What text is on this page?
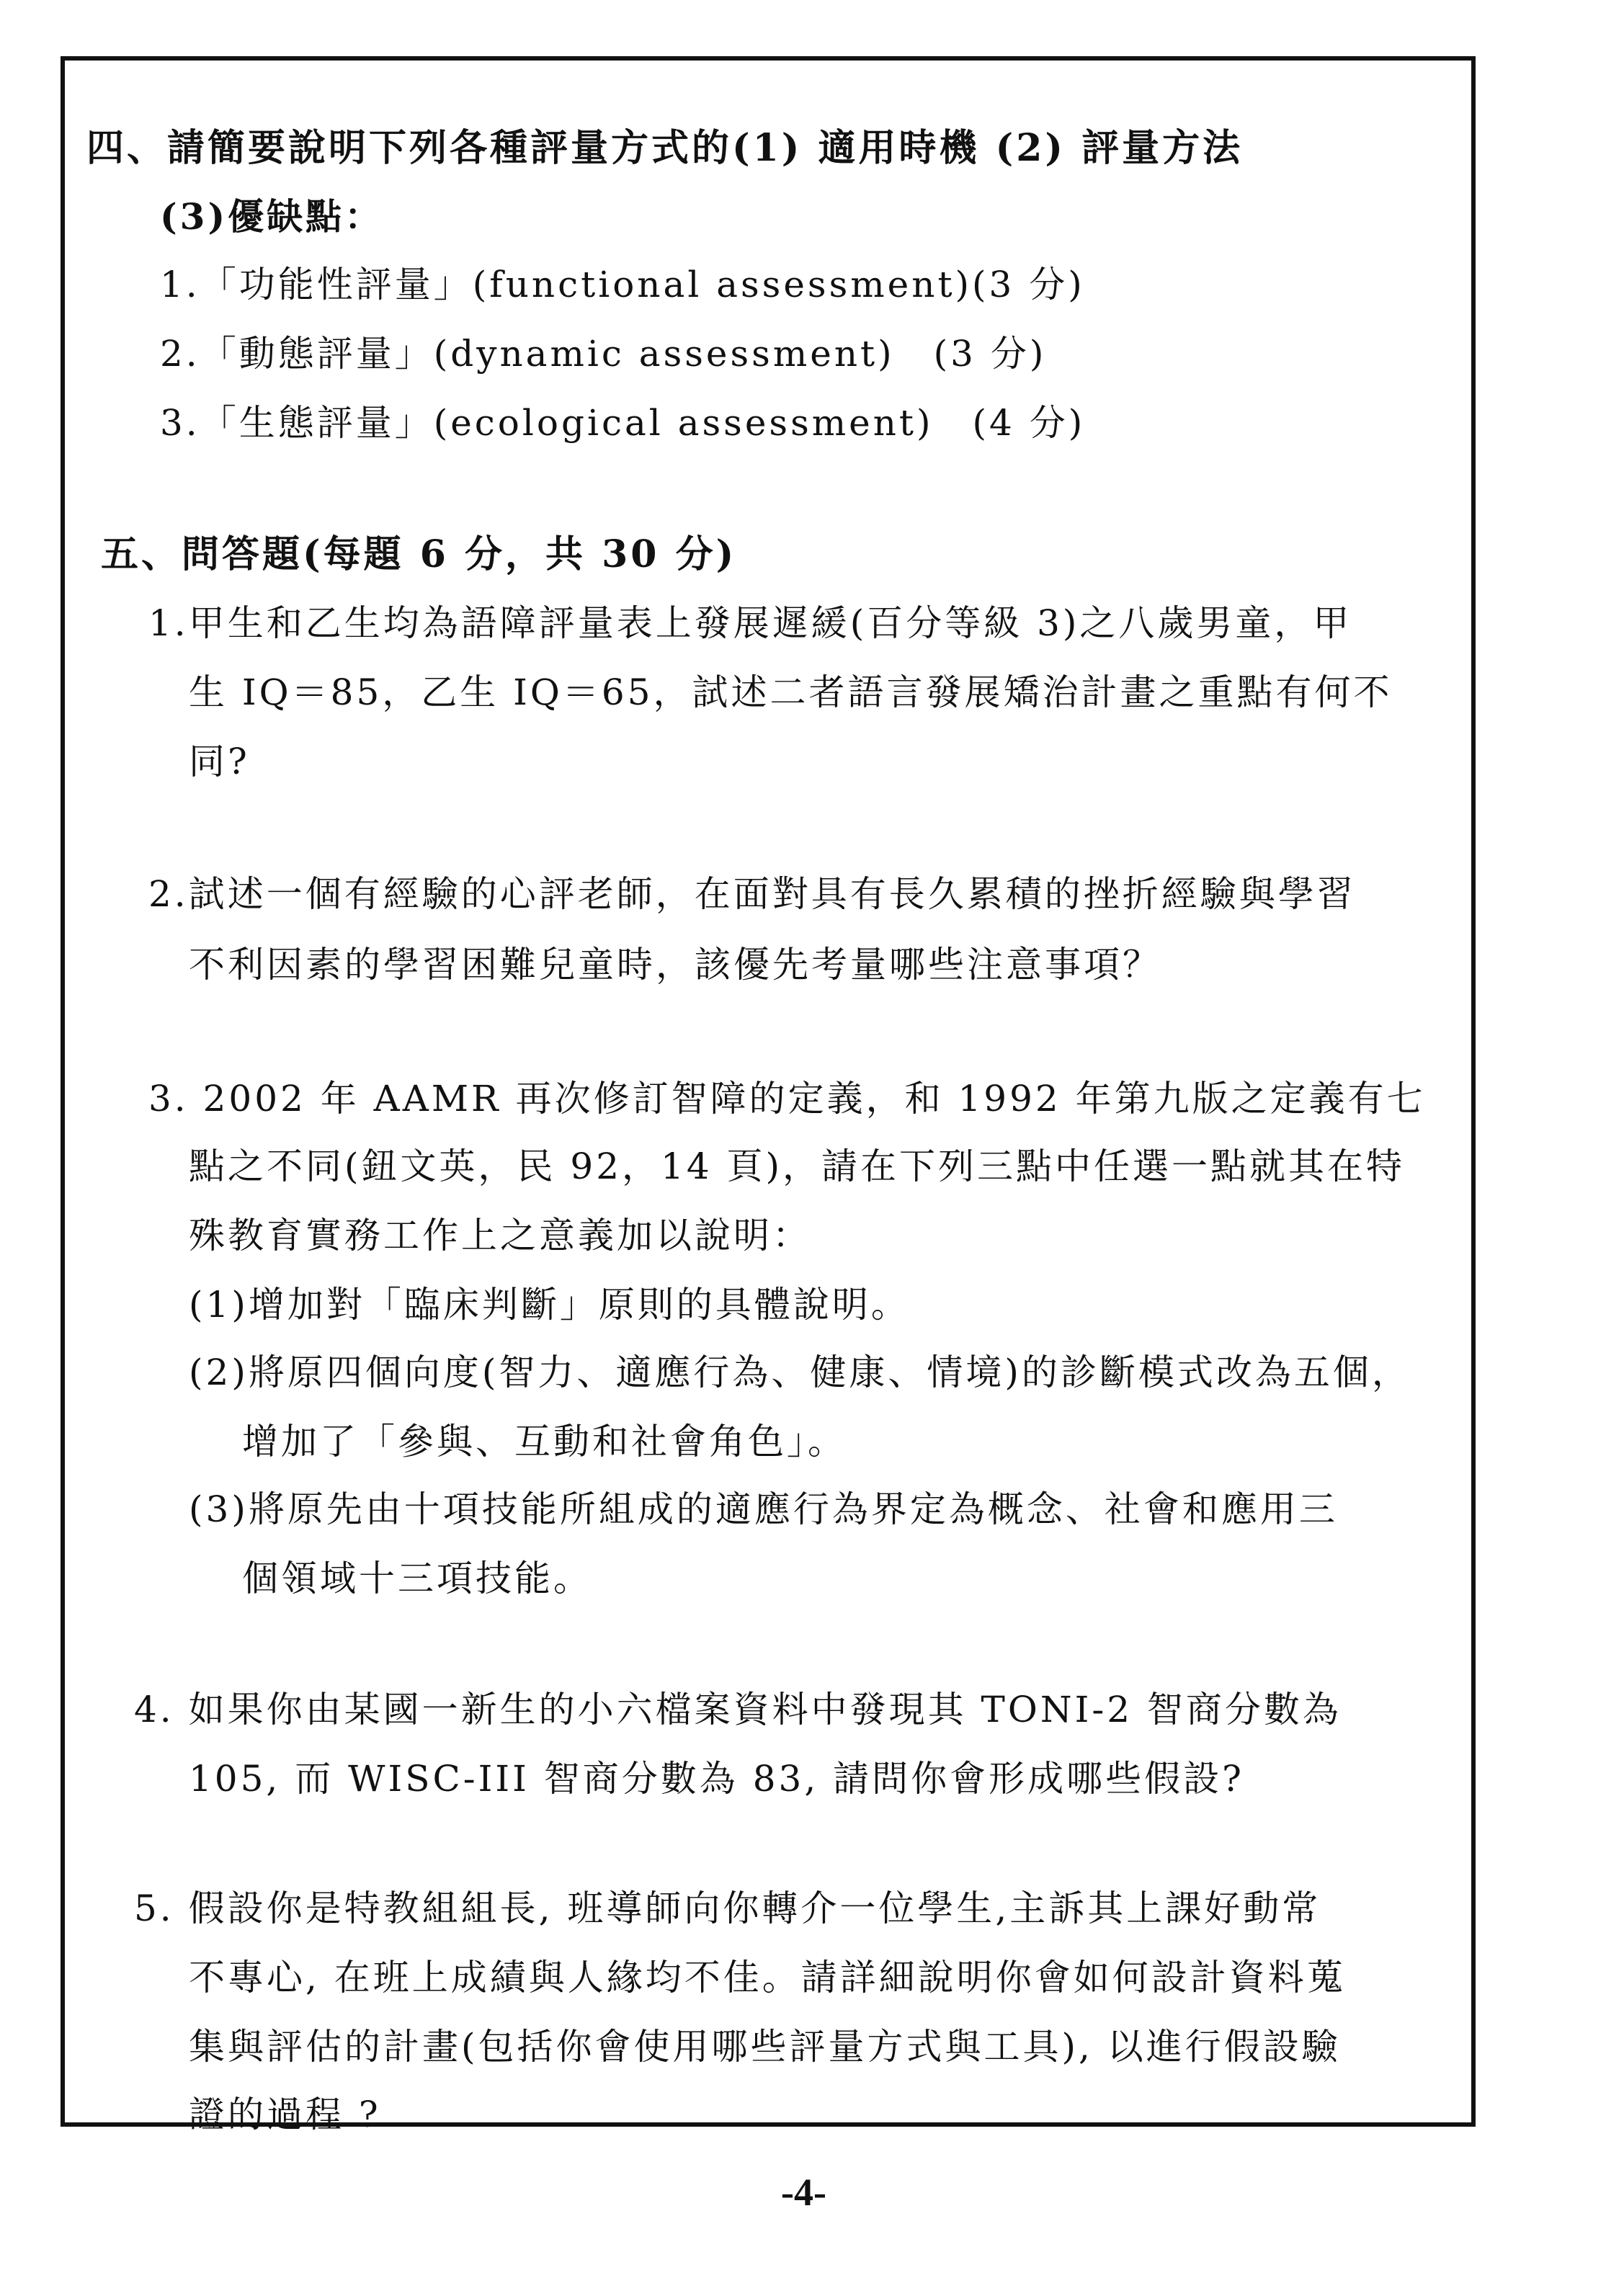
四、請簡要說明下列各種評量方式的(1) 適用時機 (2) 評量方法
(3)優缺點：
1.「功能性評量」(functional assessment)(3 分)
2.「動態評量」(dynamic assessment)　(3 分)
3.「生態評量」(ecological assessment)　(4 分)
五、問答題(每題 6 分，共 30 分)
1.甲生和乙生均為語障評量表上發展遲緩(百分等級 3)之八歲男童，甲
生 IQ＝85，乙生 IQ＝65，試述二者語言發展矯治計畫之重點有何不
同?
2.試述一個有經驗的心評老師，在面對具有長久累積的挫折經驗與學習
不利因素的學習困難兒童時，該優先考量哪些注意事項？
3. 2002 年 AAMR 再次修訂智障的定義，和 1992 年第九版之定義有七
點之不同(鈕文英，民 92，14 頁)，請在下列三點中任選一點就其在特
殊教育實務工作上之意義加以說明：
(1)增加對「臨床判斷」原則的具體說明。
(2)將原四個向度(智力、適應行為、健康、情境)的診斷模式改為五個，
增加了「參與、互動和社會角色」。
(3)將原先由十項技能所組成的適應行為界定為概念、社會和應用三
個領域十三項技能。
4. 如果你由某國一新生的小六檔案資料中發現其 TONI-2 智商分數為
105, 而 WISC-III 智商分數為 83, 請問你會形成哪些假設?
5. 假設你是特教組組長, 班導師向你轉介一位學生,主訴其上課好動常
不專心, 在班上成績與人緣均不佳。請詳細說明你會如何設計資料蒐
集與評估的計畫(包括你會使用哪些評量方式與工具), 以進行假設驗
證的過程 ?
-4-
